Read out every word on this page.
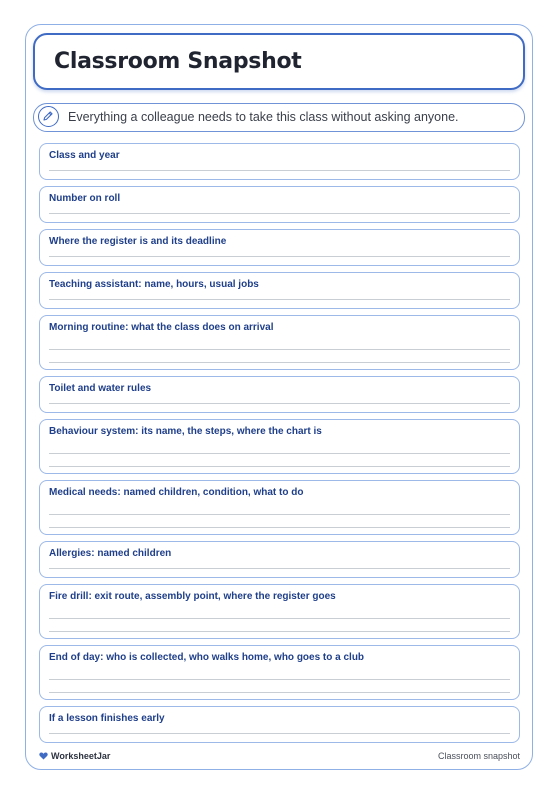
Classroom Snapshot
Everything a colleague needs to take this class without asking anyone.
Class and year
Number on roll
Where the register is and its deadline
Teaching assistant: name, hours, usual jobs
Morning routine: what the class does on arrival
Toilet and water rules
Behaviour system: its name, the steps, where the chart is
Medical needs: named children, condition, what to do
Allergies: named children
Fire drill: exit route, assembly point, where the register goes
End of day: who is collected, who walks home, who goes to a club
If a lesson finishes early
WorksheetJar	Classroom snapshot
